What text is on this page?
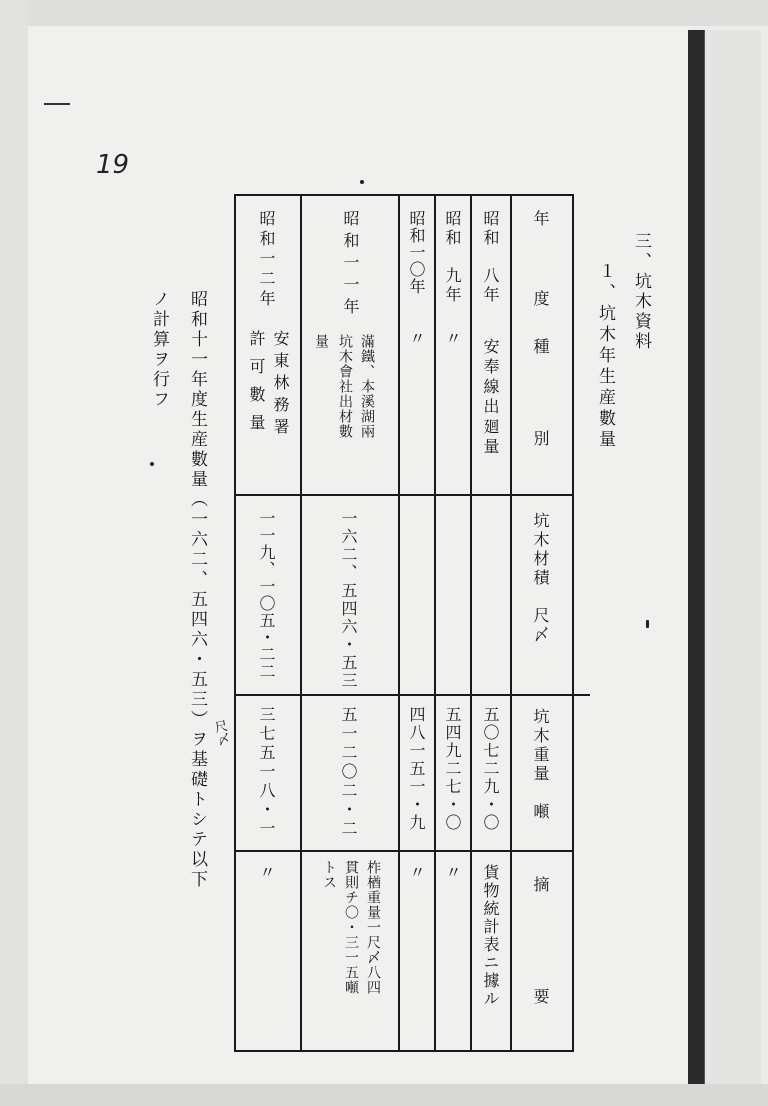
19
三、坑木資料
１、坑木年生産數量
年　度
種　別
坑木材積　尺〆
坑木重量　噸
摘　要
昭和　八年
安奉線出廻量
五〇七二九・〇
貨物統計表ニ據ル
昭和　九年
〃
五四九二七・〇
〃
昭和一〇年
〃
四八一五一・九
〃
昭和一一年
滿鐵、本溪湖兩
坑木會社出材數
量
一六二、五四六・五三
五一二〇二・二
柞楢重量一尺〆八四
貫則チ〇・三一五噸
トス
昭和一二年
安東林務署
許可數量
一一九、一〇五・二二
三七五一八・一
〃
昭和十一年度生産數量（一六二、五四六・五三）ヲ基礎トシテ以下
ノ計算ヲ行フ
尺〆
